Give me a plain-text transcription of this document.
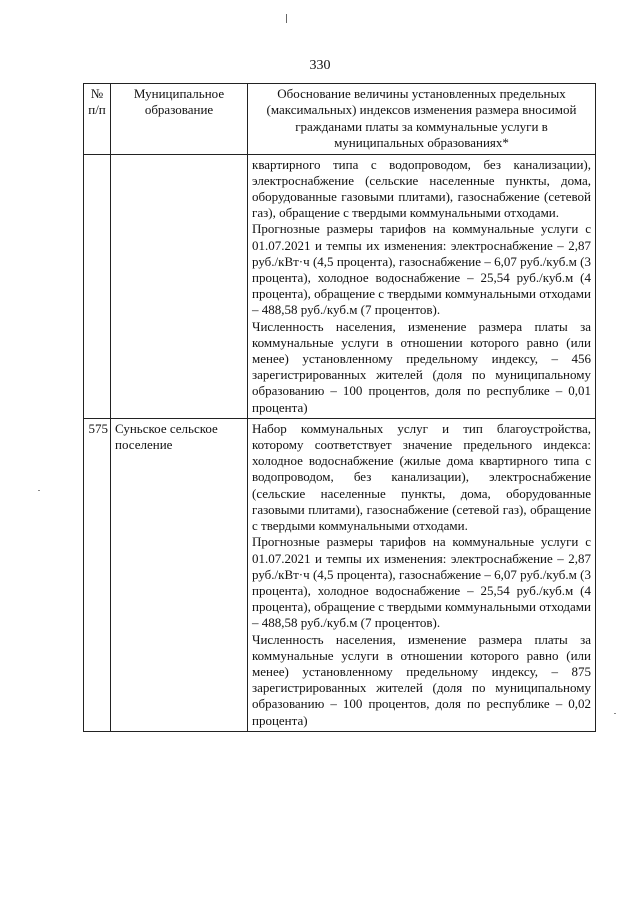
330
№ п/п	Муниципальное образование	Обоснование величины установленных предельных (максимальных) индексов изменения размера вносимой гражданами платы за коммунальные услуги в муниципальных образованиях*

		квартирного типа с водопроводом, без канализации), электроснабжение (сельские населенные пункты, дома, оборудованные газовыми плитами), газоснабжение (сетевой газ), обращение с твердыми коммунальными отходами.

Прогнозные размеры тарифов на коммунальные услуги с 01.07.2021 и темпы их изменения: электроснабжение – 2,87 руб./кВт·ч (4,5 процента), газоснабжение – 6,07 руб./куб.м (3 процента), холодное водоснабжение – 25,54 руб./куб.м (4 процента), обращение с твердыми коммунальными отходами – 488,58 руб./куб.м (7 процентов).

Численность населения, изменение размера платы за коммунальные услуги в отношении которого равно (или менее) установленному предельному индексу, – 456 зарегистрированных жителей (доля по муниципальному образованию – 100 процентов, доля по республике – 0,01 процента)

575	Суньское сельское поселение	Набор коммунальных услуг и тип благоустройства, которому соответствует значение предельного индекса: холодное водоснабжение (жилые дома квартирного типа с водопроводом, без канализации), электроснабжение (сельские населенные пункты, дома, оборудованные газовыми плитами), газоснабжение (сетевой газ), обращение с твердыми коммунальными отходами.

Прогнозные размеры тарифов на коммунальные услуги с 01.07.2021 и темпы их изменения: электроснабжение – 2,87 руб./кВт·ч (4,5 процента), газоснабжение – 6,07 руб./куб.м (3 процента), холодное водоснабжение – 25,54 руб./куб.м (4 процента), обращение с твердыми коммунальными отходами – 488,58 руб./куб.м (7 процентов).

Численность населения, изменение размера платы за коммунальные услуги в отношении которого равно (или менее) установленному предельному индексу, – 875 зарегистрированных жителей (доля по муниципальному образованию – 100 процентов, доля по республике – 0,02 процента)
